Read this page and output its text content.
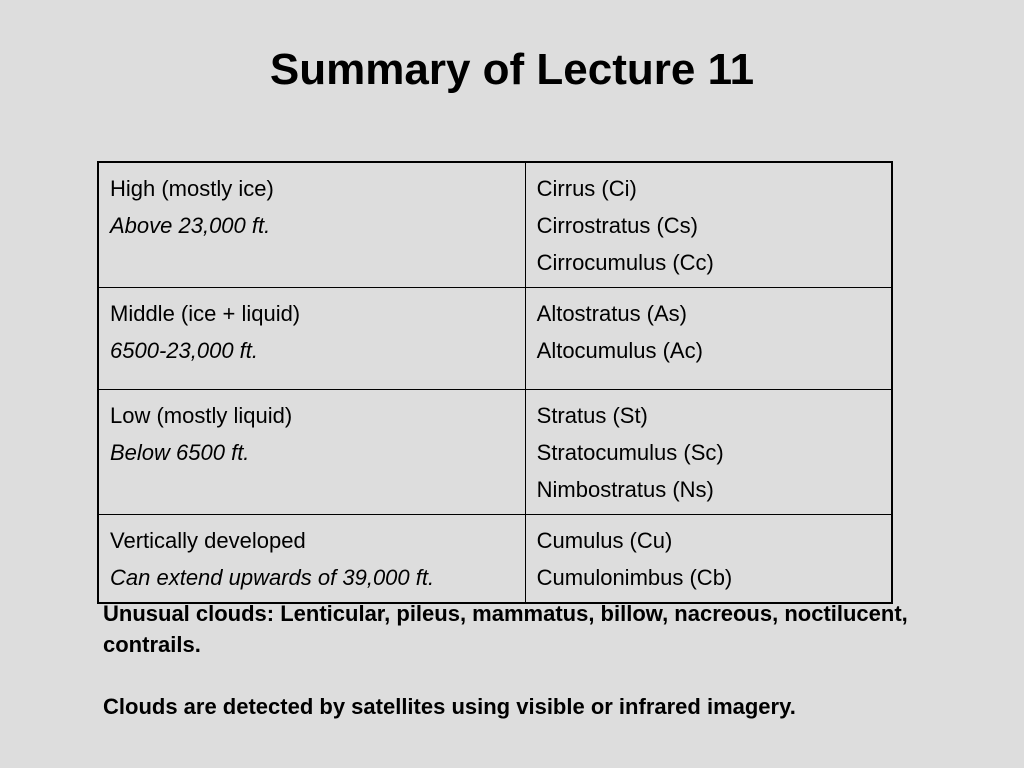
Summary of Lecture 11
High (mostly ice)
Above 23,000 ft.	Cirrus (Ci)
Cirrostratus (Cs)
Cirrocumulus (Cc)

Middle (ice + liquid)
6500-23,000 ft.	Altostratus (As)
Altocumulus (Ac)

Low (mostly liquid)
Below 6500 ft.	Stratus (St)
Stratocumulus (Sc)
Nimbostratus (Ns)

Vertically developed
Can extend upwards of 39,000 ft.	Cumulus (Cu)
Cumulonimbus (Cb)

Unusual clouds: Lenticular, pileus, mammatus, billow, nacreous, noctilucent, contrails.

Clouds are detected by satellites using visible or infrared imagery.
